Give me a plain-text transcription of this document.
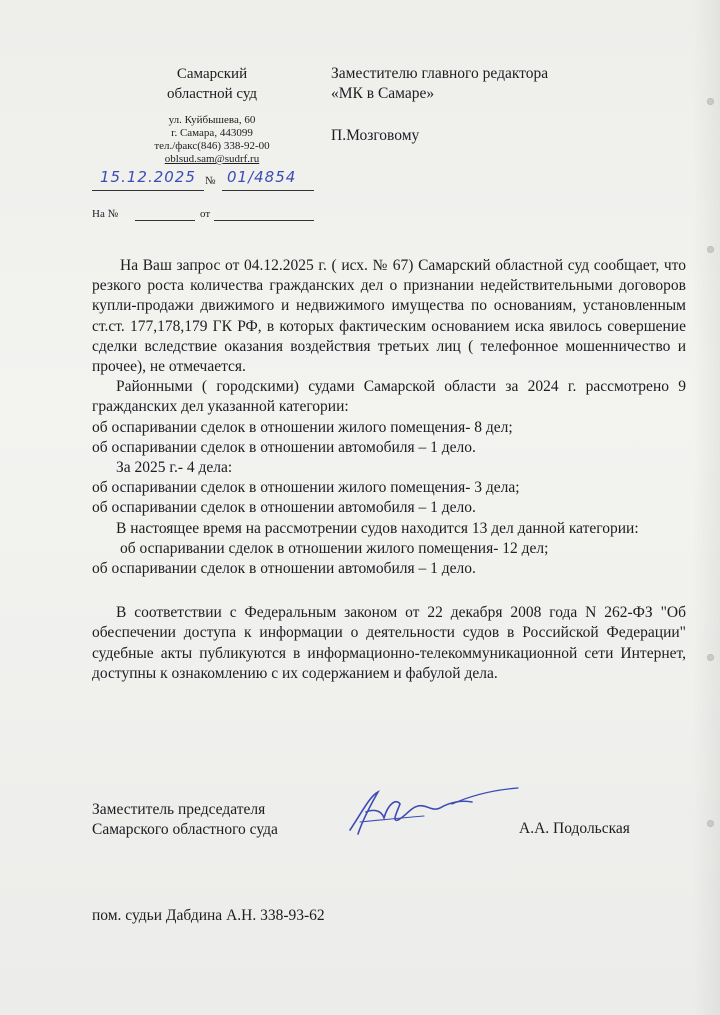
Самарский
областной суд
ул. Куйбышева, 60
г. Самара, 443099
тел./факс(846) 338-92-00
oblsud.sam@sudrf.ru
15.12.2025 № 01/4854
На №	от
Заместителю главного редактора
«МК в Самаре»
П.Мозговому

На Ваш запрос от 04.12.2025 г. ( исх. № 67) Самарский областной суд сообщает, что резкого роста количества гражданских дел о признании недействительными договоров купли-продажи движимого и недвижимого имущества по основаниям, установленным ст.ст. 177,178,179 ГК РФ, в которых фактическим основанием иска явилось совершение сделки вследствие оказания воздействия третьих лиц ( телефонное мошенничество и прочее), не отмечается.

Районными ( городскими) судами Самарской области за 2024 г. рассмотрено 9 гражданских дел указанной категории:

об оспаривании сделок в отношении жилого помещения- 8 дел;

об оспаривании сделок в отношении автомобиля – 1 дело.

За 2025 г.- 4 дела:

об оспаривании сделок в отношении жилого помещения- 3 дела;

об оспаривании сделок в отношении автомобиля – 1 дело.

В настоящее время на рассмотрении судов находится 13 дел данной категории:

об оспаривании сделок в отношении жилого помещения- 12 дел;

об оспаривании сделок в отношении автомобиля – 1 дело.

В соответствии с Федеральным законом от 22 декабря 2008 года N 262-ФЗ "Об обеспечении доступа к информации о деятельности судов в Российской Федерации" судебные акты публикуются в информационно-телекоммуникационной сети Интернет, доступны к ознакомлению с их содержанием и фабулой дела.

Заместитель председателя
Самарского областного суда	А.А. Подольская
пом. судьи Дабдина А.Н. 338-93-62
